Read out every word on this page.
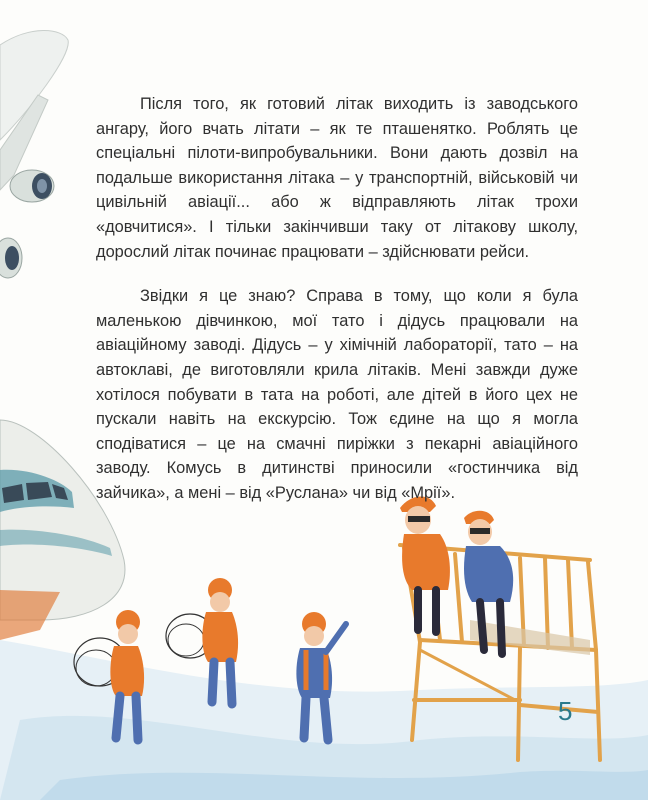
Після того, як готовий літак виходить із заводського ангару, його вчать літати – як те пташенятко. Роблять це спеціальні пілоти-випробувальники. Вони дають дозвіл на подальше використання літака – у транспортній, військовій чи цивільній авіації... або ж відправляють літак трохи «довчитися». І тільки закінчивши таку от літакову школу, дорослий літак починає працювати – здійснювати рейси.

Звідки я це знаю? Справа в тому, що коли я була маленькою дівчинкою, мої тато і дідусь працювали на авіаційному заводі. Дідусь – у хімічній лабораторії, тато – на автоклаві, де виготовляли крила літаків. Мені завжди дуже хотілося побувати в тата на роботі, але дітей в його цех не пускали навіть на екскурсію. Тож єдине на що я могла сподіватися – це на смачні пиріжки з пекарні авіаційного заводу. Комусь в дитинстві приносили «гостинчика від зайчика», а мені – від «Руслана» чи від «Мрії».

5
